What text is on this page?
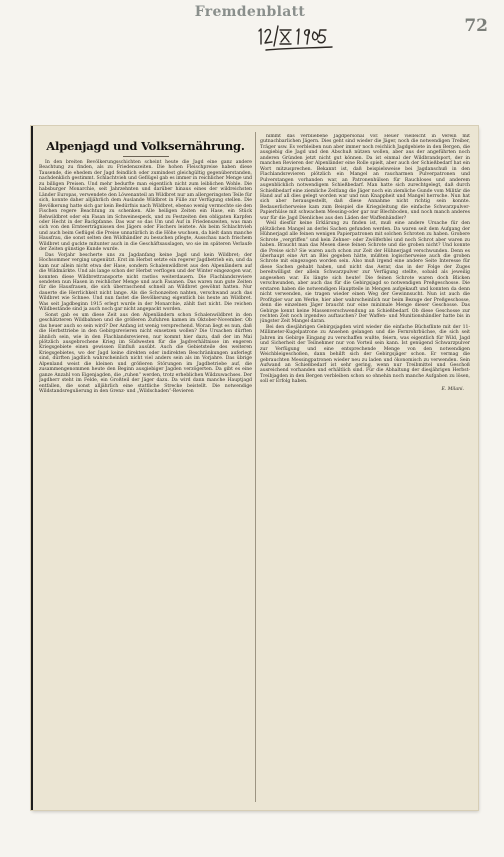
Fremdenblatt
72
Alpenjagd und Volksernährung.

In den breiten Bevölkerungsschichten scheint heute die Jagd eine ganz andere Beachtung zu finden, als zu Friedenszeiten. Die hohen Fleischpreise haben diese Tausende, die ehedem der Jagd feindlich oder zumindest gleichgültig gegenüberstanden, nachdenklich gestimmt. Schlachtvieh und Geflügel gab es immer in reichlicher Menge und zu billigen Preisen. Und mehr bedurfte man eigentlich nicht zum leiblichen Wohle. Die habsburger Monarchie, seit Jahrzehnten und darüber hinaus eines der wildreichsten Länder Europas, verwendete den Löwenanteil an Wildbret nur am allergeringsten Teile für sich, konnte daher alljährlich dem Auslande Wildbret in Fülle zur Verfügung stellen. Die Bevölkerung hatte sich gar kein Bedürfnis nach Wildbret, ebenso wenig vermochte sie den Fischen regere Beachtung zu schenken. Alle heiligen Zeiten ein Hase, ein Stück Rehwildbret oder ein Fasan im Schweinespeck, und zu Festzeiten den obligaten Karpfen oder Hecht in der Backpfanne. Das war so das Um und Auf in Friedenszeiten, was man sich von den Ernteerträgnissen des Jägers oder Fischers leistete. Als beim Schlachtvieh und auch beim Geflügel die Preise unnatürlich in die Höhe wuchsen, da hielt dann manche Hausfrau, die sonst selten den Wildhändler zu besuchen pflegte, Ausschau nach frischem Wildbret und guckte mitunter auch in die Geschäftsauslagen, wo sie im späteren Verlaufe der Zeiten günstige Kunde wurde.

Das Vorjahr bescherte uns zu Jagdanfang keine Jagd und kein Wildbret; der Hochsommer verging ungenützt. Erst im Herbst setzte ein regerer Jagdbetrieb ein, und da kam nur allein nicht etwa der Hase, sondern Schalenwildbret aus den Alpenländern auf die Wildmärkte. Und als lange schon der Herbst verflogen und der Winter eingezogen war, konnten diese Wildbrettransporte nicht rastlos weiterdauern. Die Flachlandsreviere sendeten nun Hasen in reichlicher Menge und auch Fasanen. Das waren nun gute Zeiten für die Hausfrauen, die sich überraschend schnell an Wildbret gewöhnt hatten. Nur dauerte die Herrlichkeit nicht lange. Als die Schonzeiten nahten, verschwand auch das Wildbret wie Schnee. Und nun fastet die Bevölkerung eigentlich bis heute an Wildbret. Was seit Jagdbeginn 1915 erlegt wurde in der Monarchie, zählt fast nicht. Die reichen Wildbestände sind ja auch noch gar nicht angepackt worden.

Sonst gab es um diese Zeit aus den Alpenländern schon Schalenwildbret in den geschätzteren Wildbahnen und die größeren Zufuhren kamen im Oktober-November. Ob das heuer auch so sein wird? Der Anfang ist wenig versprechend. Woran liegt es nun, daß die Herbsttriebe in den Gebirgsrevieren nicht einsetzen wollen? Die Ursachen dürften ähnlich sein, wie in den Flachlandsrevieren, nur kommt hier dazu, daß der im Mai plötzlich ausgebrochene Krieg im Südwesten für die Jagdverhältnisse im engeren Kriegsgebiete einen gewissen Einfluß ausübt. Auch die Gebietsteile des weiteren Kriegsgebietes, wo der Jagd keine direkten oder indirekten Beschränkungen auferlegt sind, dürften jagdlich wahrscheinlich nicht viel anders sein als im Vorjahre. Das übrige Alpenland weist die kleinen und größeren Störungen im Jagdbetriebe auf, die zusammengenommen heute den Beginn ausgiebiger Jagden verzögerten. Da gibt es eine ganze Anzahl von Eigenjagden, die „ruhen“ werden, trotz erheblichen Wildzuwachses. Der Jagdherr steht im Felde, ein Großteil der Jäger dazu. Da wird dann manche Hauptjagd entfallen, die sonst alljährlich eine stattliche Strecke beistellt. Die notwendige Wildstandsregulierung in den Grenz- und „Wildschaden“-Revieren

nimmt das verbliebene Jagdpersonal vor. Heuer vielleicht in Verein mit gutnachbarlichen Jägern. Dies geht sind wieder die Jäger, noch die notwendigen Treiber, Träger usw. Es verbleiben nun aber immer noch reichlich Jagdgebiete in den Bergen, die ausgiebig die Jagd und den Abschuß nützen wollen, aber aus der angeführten noch anderen Gründen jetzt nicht gut können. Da ist einmal der Wildbrandsport, der in manchen Revieren der Alpenländer eine Rolle spielt, aber auch der Schießbedarf hat ein Wort mitzusprechen. Bekannt ist, daß beispielsweise bei Jagdanschuß in den Flachlandsrevieren plötzlich ein Mangel an raucharmen Pulverpatronen und Pulverstangen vorhanden war, an Patronenhülsen für Rauchloses und anderem augenblicklich notwendigem Schießbedarf. Man hatte sich zurechtgelegt, daß durch Schießbedarf eine ziemliche Zeitlang die Jäger noch ein ziemliche Gunde vom Militär die Hand auf all dies gelegt worden war und nun Knappheit und Mangel herrsche. Nun hat sich aber herausgestellt, daß diese Annahme nicht richtig sein konnte. Bedauerlicherweise kam zum Beispiel die Kriegsleitung die einfache Schwarzpulver-Papierhülse mit schwachem Messing-oder gar nur Blechboden, und noch manch anderes war für die Jagd Dienliches aus den Läden der Waffenhändler?

Weil diesfür keine Erklärung zu finden ist, muß eine andere Ursache für den plötzlichen Mangel an derlei Sachen gefunden werden. Da waren seit dem Aufgang der Hühnerjagd alle feinen wenigen Papierpatronen mit solchen Schroten zu haben. Grobere Schrote „vergriffen“ und kein Zehner- oder Zwölferblei und noch Schrot aber waren zu haben. Braucht man das Mesen diese feinen Schrote und die groben nicht? Und konnte die Preise sich? Sie waren auch schon zur Zeit der Hühnerjagd verschwunden. Denn es überhaupt eine Art an Blei gegeben hätte, müßten logischerweise auch die groben Schrote mit eingezogen worden sein. Also muß irgend eine andere Seite Interesse für diese Sachen gehabt haben, und nicht das Aerar, das in der Folge der Zuges bereitwilligst der allein Schwarzpulver zur Verfügung stellte, sobald als jeweilig angesehen war. Es längte sich heute! Die feinen Schrote waren doch Blicken verschwunden, aber auch das für die Gebirgsjagd so notwendigen Preßgeschosse. Die erstaren haben die notwendigen Hauptteile in Mengen aufgekauft und konnten da denn nicht verwenden, sie tragen wieder einen Weg der Gewinnsucht. Nun ist auch die Profitgier war am Werke, hier aber wahrscheinlich nur beim Bezuge der Preßgeschosse, denn die einzelnen Jäger braucht nur eine minimale Menge dieser Geschosse. Das Gebirge kennt keine Massenverschwendung an Schießbedarf. Ob diese Geschosse zur rechten Zeit noch irgendwo auftauchen? Der Waffen- und Munitionshändler hatte bis in jüngster Zeit Mangel daran.

Bei den diesjährigen Gebirgsjagden wird wieder die einfache Büchsflinte mit der 11-Millimeter-Kugelpatrone zu Ansehen gelangen und die Fernrohrbüchse, die sich seit Jahren im Gebirge Eingang zu verschaffen wußte, feiern, was eigentlich für Wild, Jagd und Sicherheit der Teilnehmer nur von Vorteil sein kann. Ist genügend Schwarzpulver zur Verfügung und eine entsprechende Menge von den notwendigen Weichbleigeschoßen, dann behilft sich der Gebirgsjäger schon. Er vermag die gebrauchten Messingpatronen wieder neu zu laden und ökonomisch zu verwenden. Sein Aufwand an Schießbedarf ist sehr gering, wenn nur Treibmittel und Geschoß ausreichend vorhanden und erhältlich sind. Für die Abhaltung der diesjährigen Herbst-Treibjagden in den Bergen verbleiben schon so ohnehin noch manche Aufgaben zu lösen, soll er Erfolg haben.

E. Milani.
